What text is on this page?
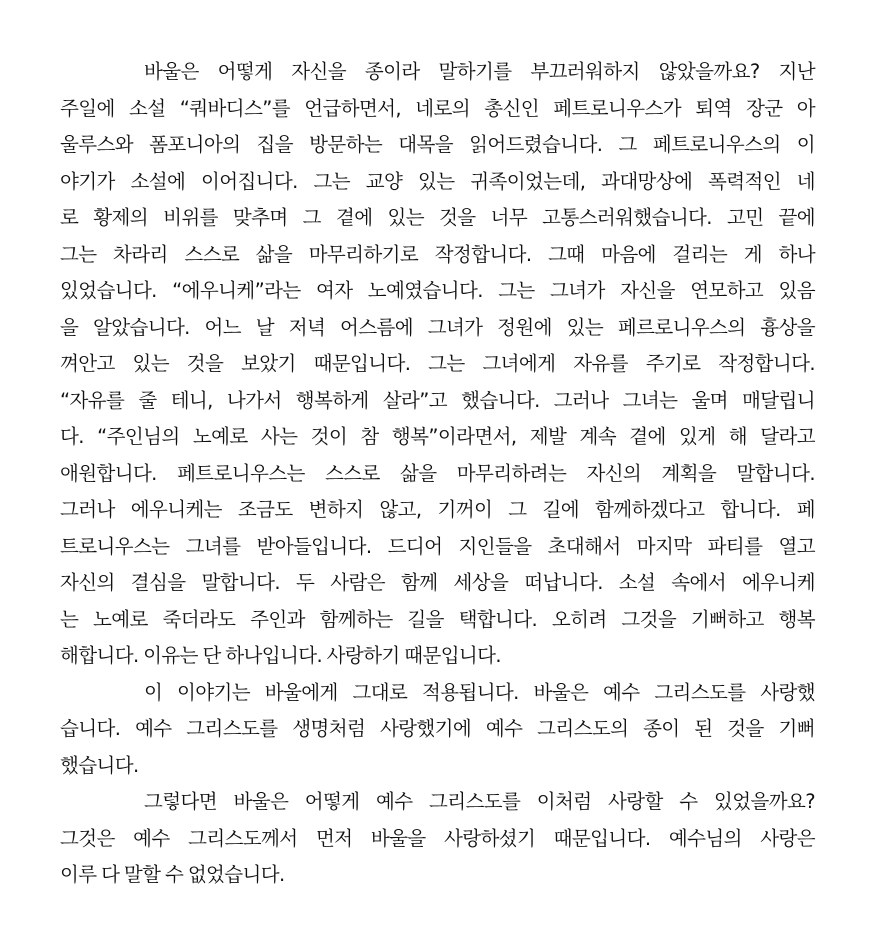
바울은 어떻게 자신을 종이라 말하기를 부끄러워하지 않았을까요? 지난
주일에 소설 “쿼바디스”를 언급하면서, 네로의 총신인 페트로니우스가 퇴역 장군 아
울루스와 폼포니아의 집을 방문하는 대목을 읽어드렸습니다. 그 페트로니우스의 이
야기가 소설에 이어집니다. 그는 교양 있는 귀족이었는데, 과대망상에 폭력적인 네
로 황제의 비위를 맞추며 그 곁에 있는 것을 너무 고통스러워했습니다. 고민 끝에
그는 차라리 스스로 삶을 마무리하기로 작정합니다. 그때 마음에 걸리는 게 하나
있었습니다. “에우니케”라는 여자 노예였습니다. 그는 그녀가 자신을 연모하고 있음
을 알았습니다. 어느 날 저녁 어스름에 그녀가 정원에 있는 페르로니우스의 흉상을
껴안고 있는 것을 보았기 때문입니다. 그는 그녀에게 자유를 주기로 작정합니다.
“자유를 줄 테니, 나가서 행복하게 살라”고 했습니다. 그러나 그녀는 울며 매달립니
다. “주인님의 노예로 사는 것이 참 행복”이라면서, 제발 계속 곁에 있게 해 달라고
애원합니다. 페트로니우스는 스스로 삶을 마무리하려는 자신의 계획을 말합니다.
그러나 에우니케는 조금도 변하지 않고, 기꺼이 그 길에 함께하겠다고 합니다. 페
트로니우스는 그녀를 받아들입니다. 드디어 지인들을 초대해서 마지막 파티를 열고
자신의 결심을 말합니다. 두 사람은 함께 세상을 떠납니다. 소설 속에서 에우니케
는 노예로 죽더라도 주인과 함께하는 길을 택합니다. 오히려 그것을 기뻐하고 행복
해합니다. 이유는 단 하나입니다. 사랑하기 때문입니다.
이 이야기는 바울에게 그대로 적용됩니다. 바울은 예수 그리스도를 사랑했
습니다. 예수 그리스도를 생명처럼 사랑했기에 예수 그리스도의 종이 된 것을 기뻐
했습니다.
그렇다면 바울은 어떻게 예수 그리스도를 이처럼 사랑할 수 있었을까요?
그것은 예수 그리스도께서 먼저 바울을 사랑하셨기 때문입니다. 예수님의 사랑은
이루 다 말할 수 없었습니다.
